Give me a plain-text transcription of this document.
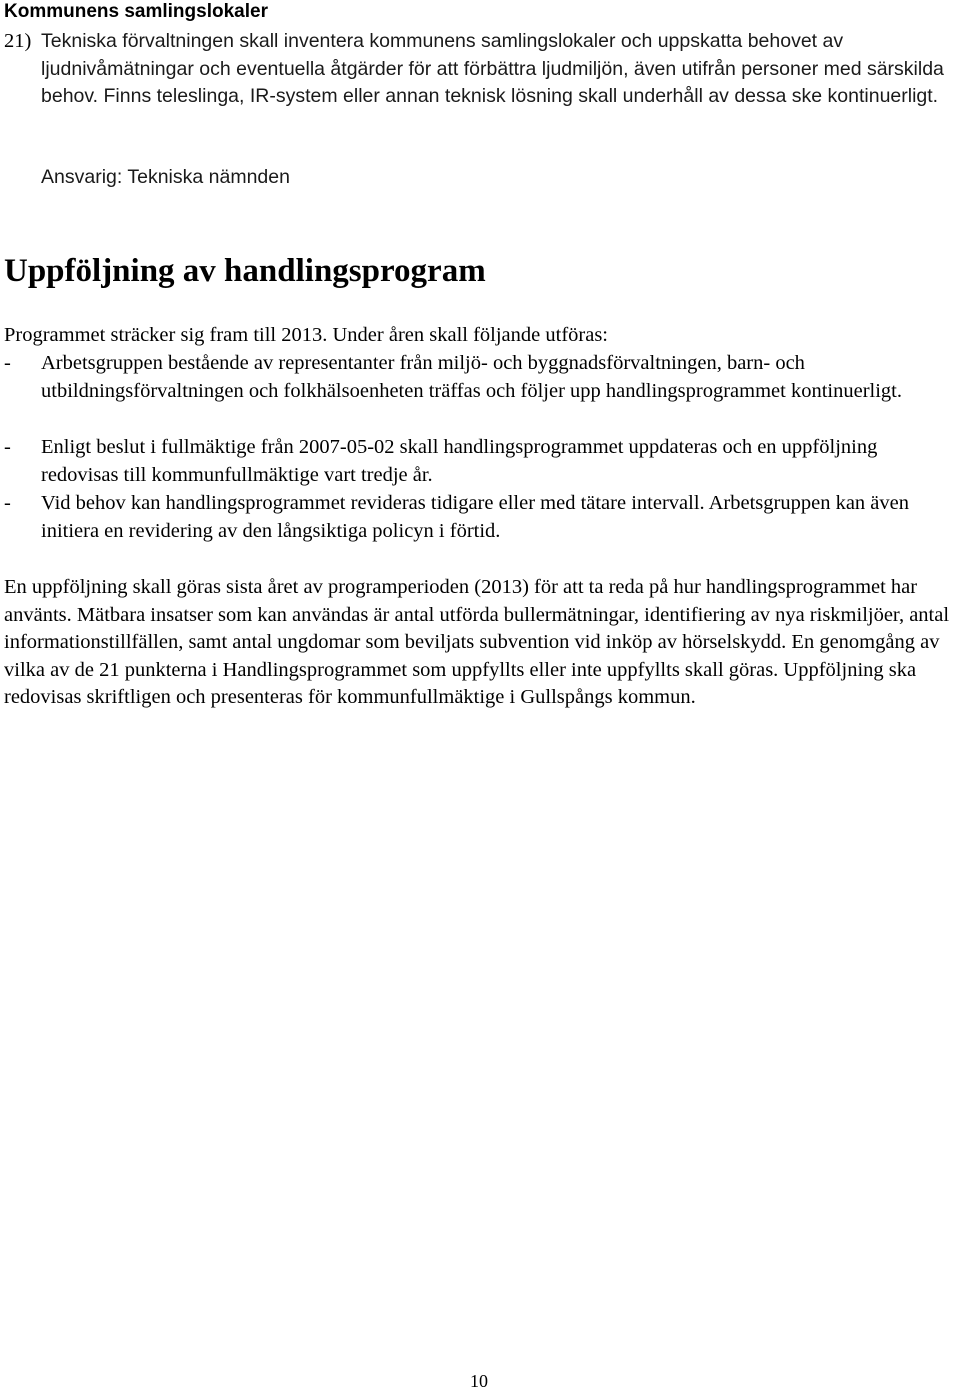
Kommunens samlingslokaler
21) Tekniska förvaltningen skall inventera kommunens samlingslokaler och uppskatta behovet av ljudnivåmätningar och eventuella åtgärder för att förbättra ljudmiljön, även utifrån personer med särskilda behov. Finns teleslinga, IR-system eller annan teknisk lösning skall underhåll av dessa ske kontinuerligt.

Ansvarig: Tekniska nämnden

Uppföljning av handlingsprogram

Programmet sträcker sig fram till 2013. Under åren skall följande utföras:

- Arbetsgruppen bestående av representanter från miljö- och byggnadsförvaltningen, barn- och utbildningsförvaltningen och folkhälsoenheten träffas och följer upp handlingsprogrammet kontinuerligt.

- Enligt beslut i fullmäktige från 2007-05-02 skall handlingsprogrammet uppdateras och en uppföljning redovisas till kommunfullmäktige vart tredje år.

- Vid behov kan handlingsprogrammet revideras tidigare eller med tätare intervall. Arbetsgruppen kan även initiera en revidering av den långsiktiga policyn i förtid.

En uppföljning skall göras sista året av programperioden (2013) för att ta reda på hur handlingsprogrammet har använts. Mätbara insatser som kan användas är antal utförda bullermätningar, identifiering av nya riskmiljöer, antal informationstillfällen, samt antal ungdomar som beviljats subvention vid inköp av hörselskydd. En genomgång av vilka av de 21 punkterna i Handlingsprogrammet som uppfyllts eller inte uppfyllts skall göras. Uppföljning ska redovisas skriftligen och presenteras för kommunfullmäktige i Gullspångs kommun.

10
